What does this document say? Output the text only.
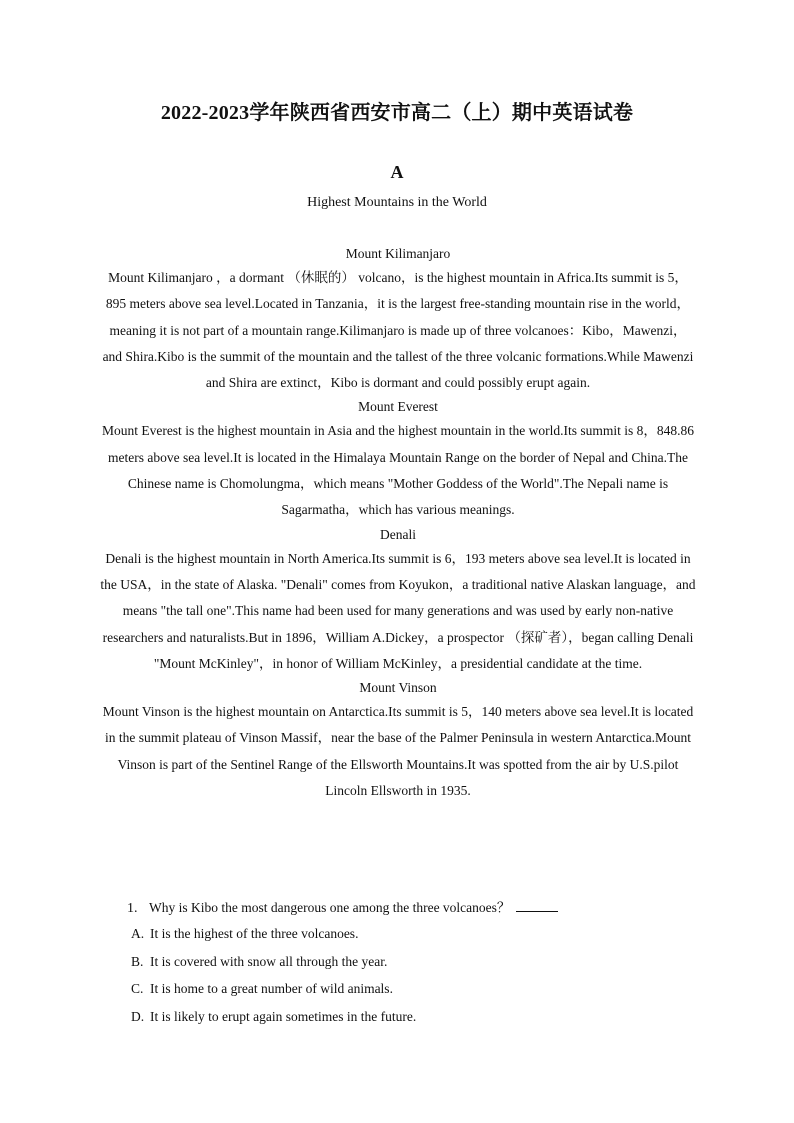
2022-2023学年陕西省西安市高二（上）期中英语试卷
A
Highest Mountains in the World
Mount Kilimanjaro

Mount Kilimanjaro ，a dormant （休眠的） volcano，is the highest mountain in Africa.Its summit is 5，895 meters above sea level.Located in Tanzania，it is the largest free-standing mountain rise in the world，meaning it is not part of a mountain range.Kilimanjaro is made up of three volcanoes：Kibo，Mawenzi，and Shira.Kibo is the summit of the mountain and the tallest of the three volcanic formations.While Mawenzi and Shira are extinct，Kibo is dormant and could possibly erupt again.

Mount Everest

Mount Everest is the highest mountain in Asia and the highest mountain in the world.Its summit is 8，848.86 meters above sea level.It is located in the Himalaya Mountain Range on the border of Nepal and China.The Chinese name is Chomolungma，which means "Mother Goddess of the World".The Nepali name is Sagarmatha，which has various meanings.

Denali

Denali is the highest mountain in North America.Its summit is 6，193 meters above sea level.It is located in the USA，in the state of Alaska. "Denali" comes from Koyukon，a traditional native Alaskan language，and means "the tall one".This name had been used for many generations and was used by early non-native researchers and naturalists.But in 1896，William A.Dickey，a prospector （探矿者），began calling Denali "Mount McKinley"，in honor of William McKinley，a presidential candidate at the time.

Mount Vinson

Mount Vinson is the highest mountain on Antarctica.Its summit is 5，140 meters above sea level.It is located in the summit plateau of Vinson Massif，near the base of the Palmer Peninsula in western Antarctica.Mount Vinson is part of the Sentinel Range of the Ellsworth Mountains.It was spotted from the air by U.S.pilot Lincoln Ellsworth in 1935.

1. Why is Kibo the most dangerous one among the three volcanoes？
A. It is the highest of the three volcanoes.
B. It is covered with snow all through the year.
C. It is home to a great number of wild animals.
D. It is likely to erupt again sometimes in the future.
